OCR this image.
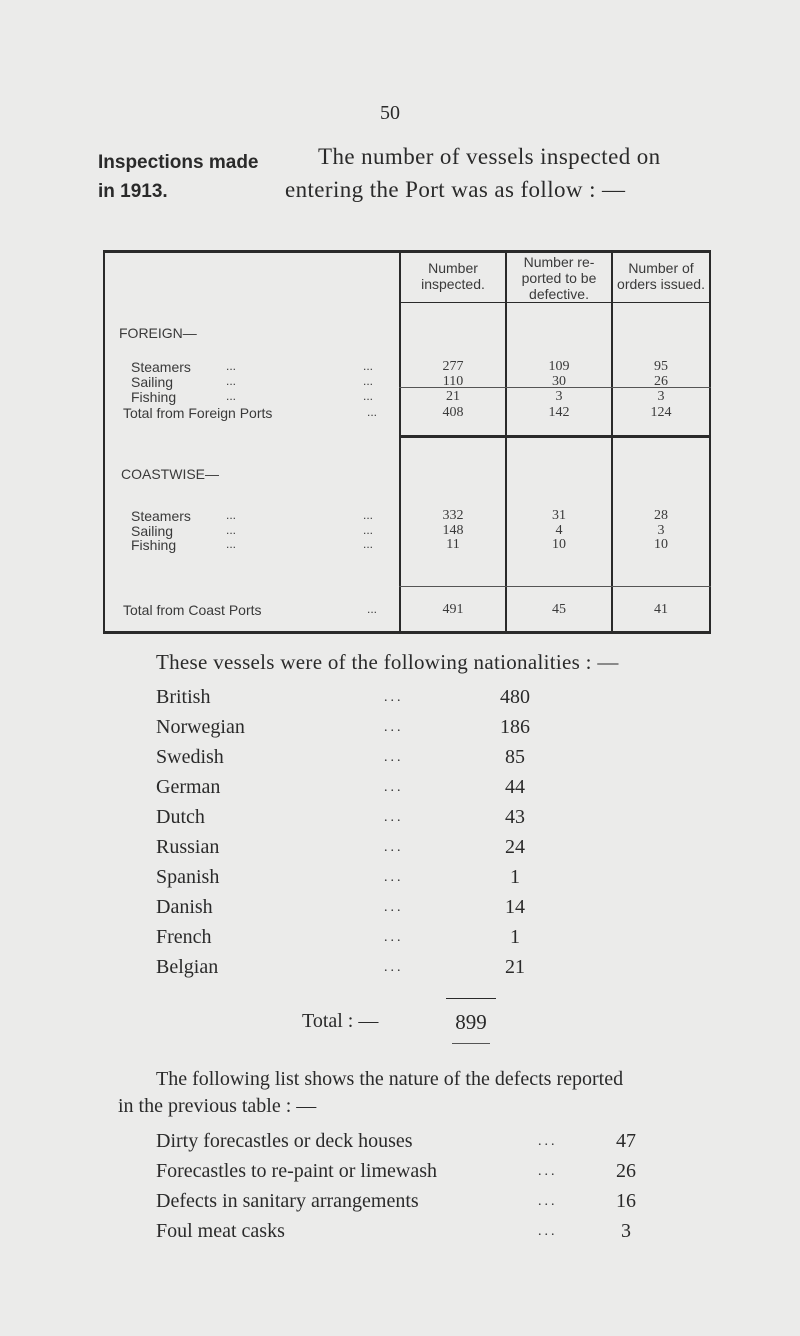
50
Inspections made
in 1913.
The number of vessels inspected on
entering the Port was as follow : —
Number inspected.
Number re-ported to be defective.
Number of orders issued.
FOREIGN—
Steamers	...	...	277	109	95
Sailing	...	...	110	30	26
Fishing	...	...	21	3	3
Total from Foreign Ports	...	408	142	124
COASTWISE—
Steamers	...	...	332	31	28
Sailing	...	...	148	4	3
Fishing	...	...	11	10	10
Total from Coast Ports	...	491	45	41
These vessels were of the following nationalities : —
British	...	480
Norwegian	...	186
Swedish	...	85
German	...	44
Dutch	...	43
Russian	...	24
Spanish	...	1
Danish	...	14
French	...	1
Belgian	...	21
Total : —	899
The following list shows the nature of the defects reported
in the previous table : —
Dirty forecastles or deck houses	...	47
Forecastles to re-paint or limewash	...	26
Defects in sanitary arrangements	...	16
Foul meat casks	...	3
